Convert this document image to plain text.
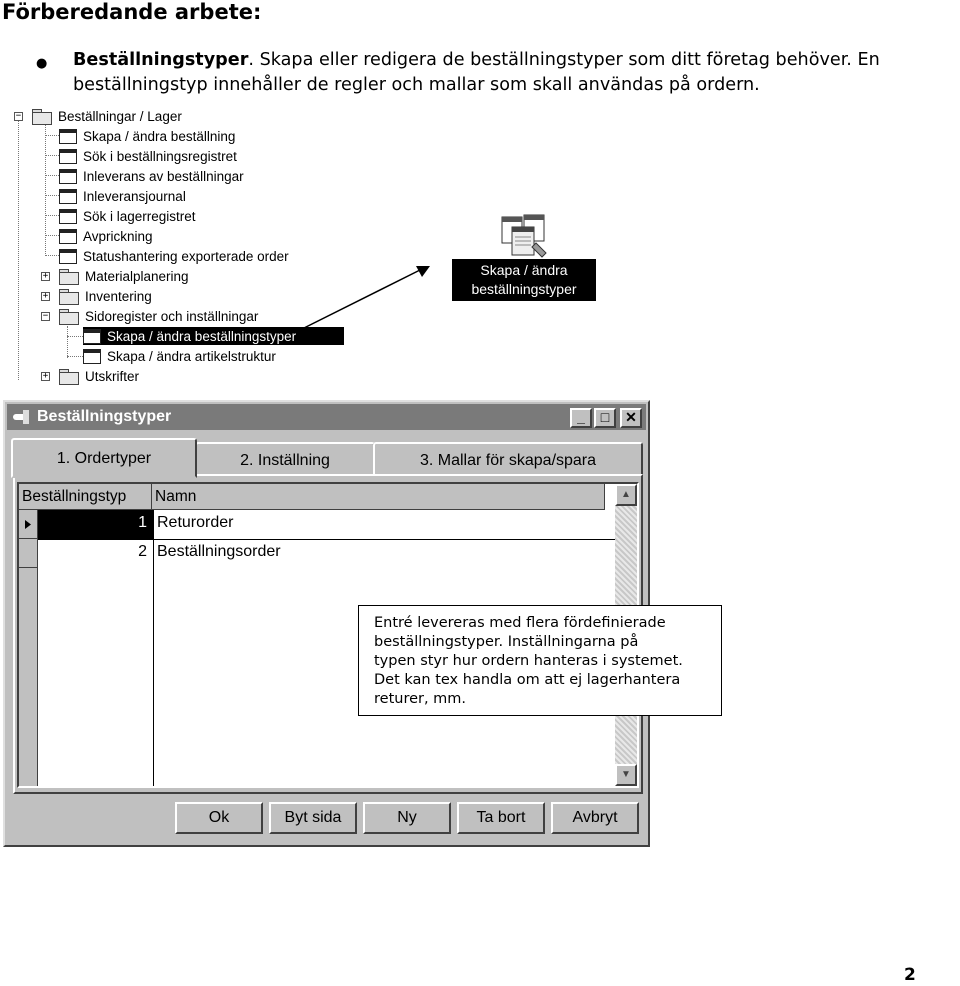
Förberedande arbete:
● Beställningstyper. Skapa eller redigera de beställningstyper som ditt företag behöver. En beställningstyp innehåller de regler och mallar som skall användas på ordern.
−	Beställningar / Lager
Skapa / ändra beställning
Sök i beställningsregistret
Inleverans av beställningar
Inleveransjournal
Sök i lagerregistret
Avprickning
Statushantering exporterade order
+	Materialplanering
+	Inventering
−	Sidoregister och inställningar
Skapa / ändra beställningstyper
Skapa / ändra artikelstruktur
+	Utskrifter
Skapa / ändra
beställningstyper
Beställningstyper	_	□	✕
1. Ordertyper	2. Inställning	3. Mallar för skapa/spara
Beställningstyp	Namn
1 Returorder
2 Beställningsorder
▲
▼
Ok	Byt sida	Ny	Ta bort	Avbryt
Entré levereras med flera fördefinierade
beställningstyper. Inställningarna på
typen styr hur ordern hanteras i systemet.
Det kan tex handla om att ej lagerhantera
returer, mm.
2
